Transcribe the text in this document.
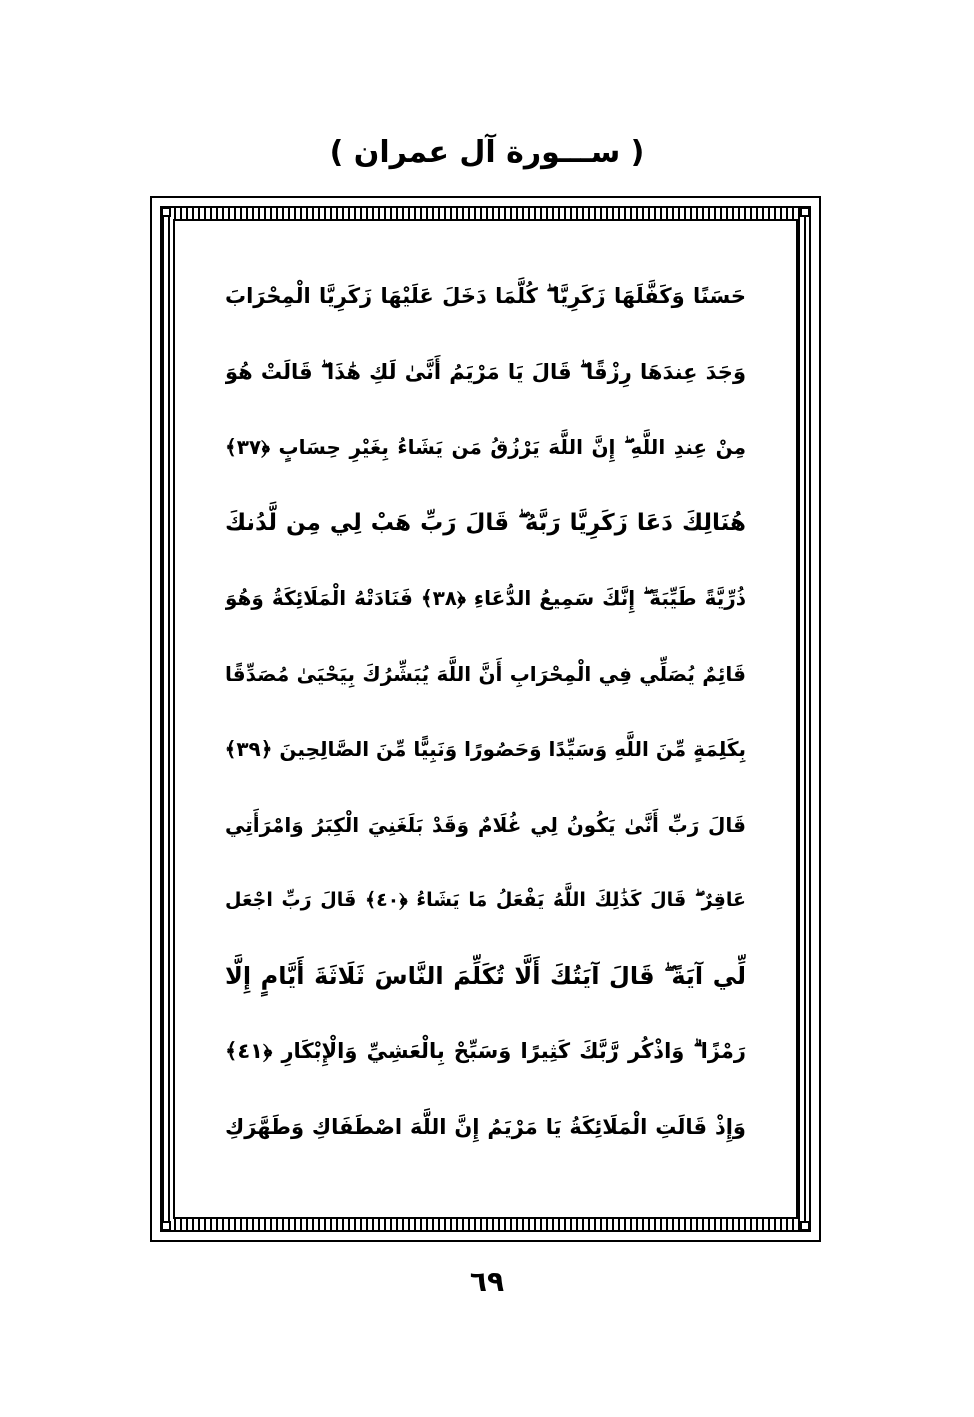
( ســـورة آل عمران )
حَسَنًا وَكَفَّلَهَا زَكَرِيَّا ۖ كُلَّمَا دَخَلَ عَلَيْهَا زَكَرِيَّا الْمِحْرَابَ
وَجَدَ عِندَهَا رِزْقًا ۖ قَالَ يَا مَرْيَمُ أَنَّىٰ لَكِ هَٰذَا ۖ قَالَتْ هُوَ
مِنْ عِندِ اللَّهِ ۖ إِنَّ اللَّهَ يَرْزُقُ مَن يَشَاءُ بِغَيْرِ حِسَابٍ ﴿٣٧﴾
هُنَالِكَ دَعَا زَكَرِيَّا رَبَّهُ ۖ قَالَ رَبِّ هَبْ لِي مِن لَّدُنكَ
ذُرِّيَّةً طَيِّبَةً ۖ إِنَّكَ سَمِيعُ الدُّعَاءِ ﴿٣٨﴾ فَنَادَتْهُ الْمَلَائِكَةُ وَهُوَ
قَائِمٌ يُصَلِّي فِي الْمِحْرَابِ أَنَّ اللَّهَ يُبَشِّرُكَ بِيَحْيَىٰ مُصَدِّقًا
بِكَلِمَةٍ مِّنَ اللَّهِ وَسَيِّدًا وَحَصُورًا وَنَبِيًّا مِّنَ الصَّالِحِينَ ﴿٣٩﴾
قَالَ رَبِّ أَنَّىٰ يَكُونُ لِي غُلَامٌ وَقَدْ بَلَغَنِيَ الْكِبَرُ وَامْرَأَتِي
عَاقِرٌ ۖ قَالَ كَذَٰلِكَ اللَّهُ يَفْعَلُ مَا يَشَاءُ ﴿٤٠﴾ قَالَ رَبِّ اجْعَل
لِّي آيَةً ۖ قَالَ آيَتُكَ أَلَّا تُكَلِّمَ النَّاسَ ثَلَاثَةَ أَيَّامٍ إِلَّا
رَمْزًا ۗ وَاذْكُر رَّبَّكَ كَثِيرًا وَسَبِّحْ بِالْعَشِيِّ وَالْإِبْكَارِ ﴿٤١﴾
وَإِذْ قَالَتِ الْمَلَائِكَةُ يَا مَرْيَمُ إِنَّ اللَّهَ اصْطَفَاكِ وَطَهَّرَكِ
٦٩
